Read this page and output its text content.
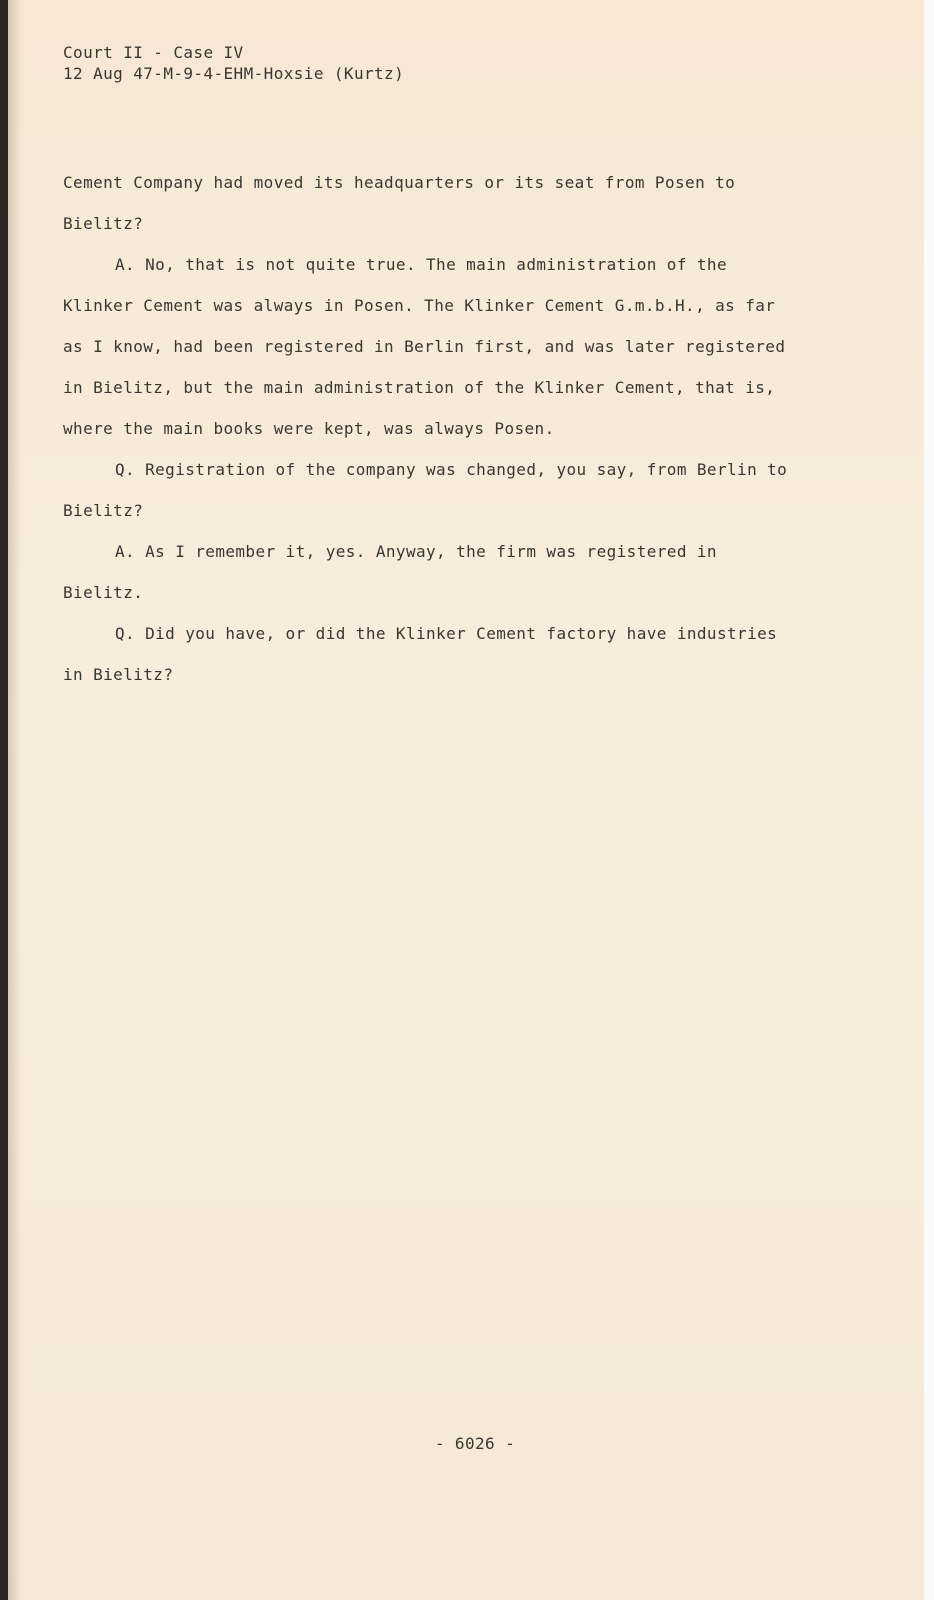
Court II - Case IV
12 Aug 47-M-9-4-EHM-Hoxsie (Kurtz)
Cement Company had moved its headquarters or its seat from Posen to
Bielitz?
A. No, that is not quite true. The main administration of the
Klinker Cement was always in Posen. The Klinker Cement G.m.b.H., as far
as I know, had been registered in Berlin first, and was later registered
in Bielitz, but the main administration of the Klinker Cement, that is,
where the main books were kept, was always Posen.
Q. Registration of the company was changed, you say, from Berlin to
Bielitz?
A. As I remember it, yes. Anyway, the firm was registered in
Bielitz.
Q. Did you have, or did the Klinker Cement factory have industries
in Bielitz?
- 6026 -
